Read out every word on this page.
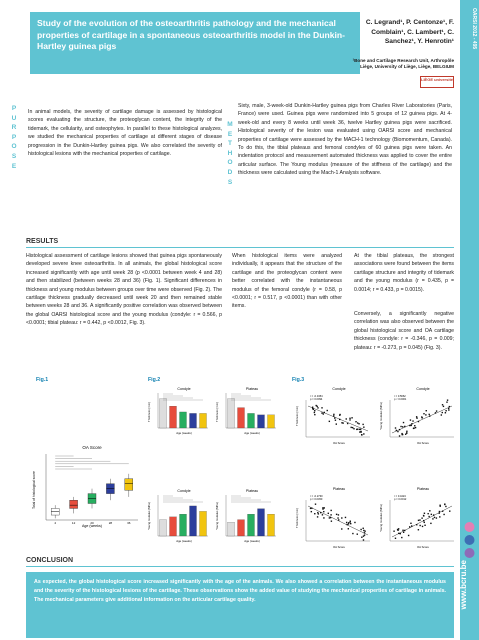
Study of the evolution of the osteoarthritis pathology and the mechanical properties of cartilage in a spontaneous osteoarthritis model in the Dunkin-Hartley guinea pigs
C. Legrand¹, P. Centonze¹, F.
Comblain¹, C. Lambert¹, C.
Sanchez¹, Y. Henrotin¹
¹Bone and Cartilage Research Unit, Arthropôle
Liège, University of Liège, Liège, BELGIUM
LIÈGE université
OARSI 2012 - 495
www.bcru.be
P
U
R
P
O
S
E
In animal models, the severity of cartilage damage is assessed by histological scores evaluating the structure, the proteoglycan content, the integrity of the tidemark, the cellularity, and osteophytes. In parallel to these histological analyzes, we studied the mechanical properties of cartilage at different stages of disease progression in the Dunkin-Hartley guinea pigs. We also correlated the severity of histological lesions with the mechanical properties of cartilage.
M
E
T
H
O
D
S
Sixty, male, 3-week-old Dunkin-Hartley guinea pigs from Charles River Laboratories (Paris, France) were used. Guinea pigs were randomized into 5 groups of 12 guinea pigs. At 4-week-old and every 8 weeks until week 36, twelve Hartley guinea pigs were sacrificed. Histological severity of the lesion was evaluated using OARSI score and mechanical properties of cartilage were assessed by the MACH-1 technology (Biomomentum, Canada). To do this, the tibial plateaus and femoral condyles of 60 guinea pigs were taken. An indentation protocol and measurement automated thickness was applied to cover the entire articular surface. The Young modulus (measure of the stiffness of the cartilage) and the thickness were calculated using the Mach-1 Analysis software.
RESULTS
Histological assessment of cartilage lesions showed that guinea pigs spontaneously developed severe knee osteoarthritis. In all animals, the global histological score increased significantly with age until week 28 (p <0.0001 between week 4 and 28) and then stabilized (between weeks 28 and 36) (Fig. 1). Significant differences in thickness and young modulus between groups over time were observed (Fig. 2). The cartilage thickness gradually decreased until week 20 and then remained stable between weeks 28 and 36. A significantly positive correlation was observed between the global OARSI histological score and the young modulus (condyle: r = 0.566, p <0.0001; tibial plateau: r = 0.442, p <0.0012, Fig. 3).
When histological items were analyzed individually, it appears that the structure of the cartilage and the proteoglycan content were better correlated with the instantaneous modulus of the femoral condyle (r = 0.58, p <0.0001; r = 0.517, p <0.0001) than with other items.
At the tibial plateaus, the strongest associations were found between the items cartilage structure and integrity of tidemark and the young modulus (r = 0.435, p = 0.0014; r = 0.433, p = 0.0015).
Conversely, a significantly negative correlation was also observed between the global histological score and OA cartilage thickness (condyle: r = -0.346, p = 0.009; plateau: r = -0.273, p = 0.045) (Fig. 3).
Fig.1	Fig.2	Fig.3
OA Score
Total of histological score
Age (weeks)
4	12	20	28	36
Condyle
Thickness (mm)
Age (weeks)
Plateau
Thickness (mm)
Age (weeks)
Condyle
Young modulus (MPa)
Age (weeks)
Plateau
Young modulus (MPa)
Age (weeks)
Condyle
Thickness (mm)
OA Score
r = -0.3454 p = 0.0094
Condyle
Young modulus (MPa)
OA Score
r = 0.5662 p < 0.0001
Plateau
Thickness (mm)
OA Score
r = -0.2730 p = 0.0450
Plateau
Young modulus (MPa)
OA Score
r = 0.4424 p = 0.0012
CONCLUSION
As expected, the global histological score increased significantly with the age of the animals. We also showed a correlation between the instantaneous modulus and the severity of the histological lesions of the cartilage. These observations show the added value of studying the mechanical properties of cartilage in animals. The mechanical parameters give additional information on the articular cartilage quality.
